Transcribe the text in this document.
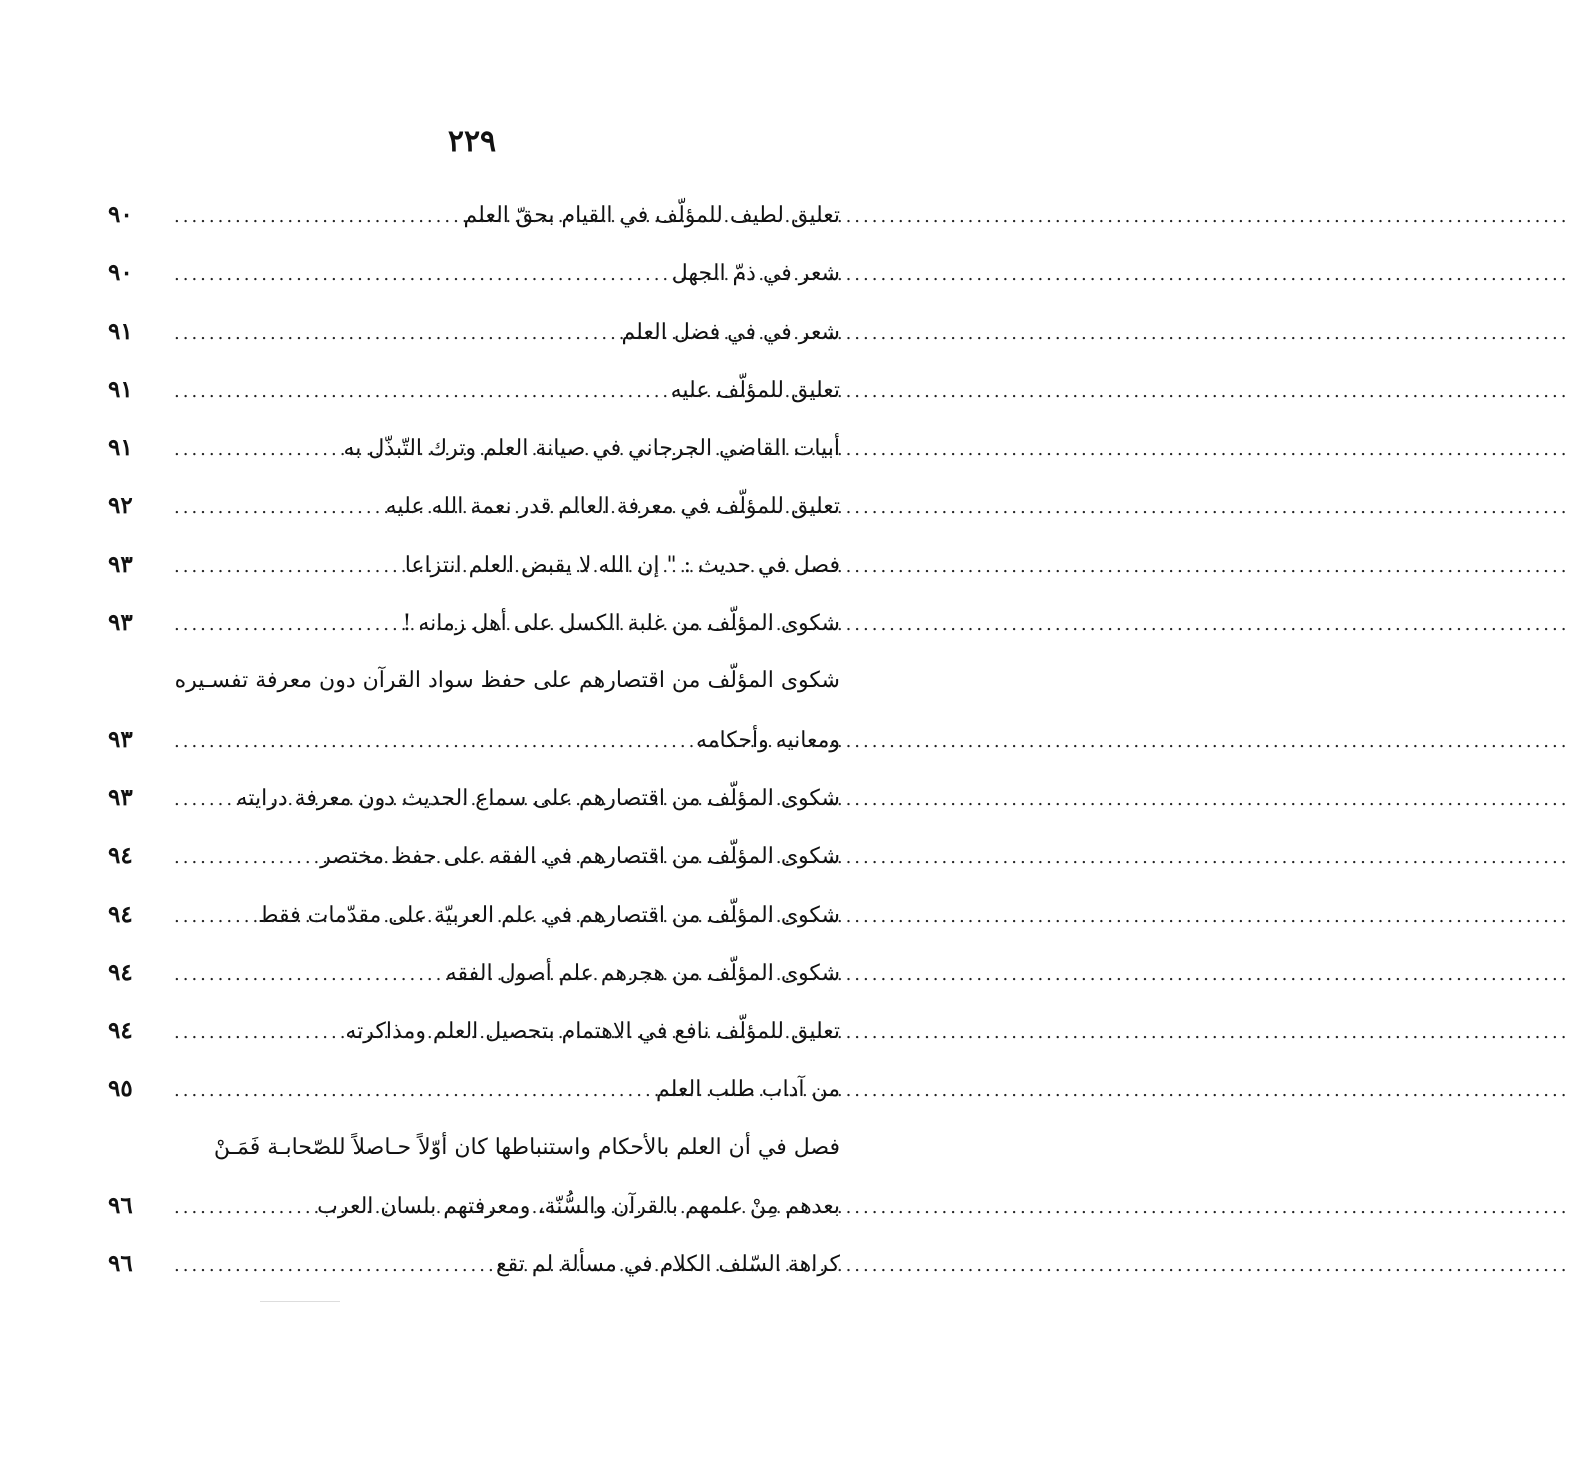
٢٢٩
تعليق لطيف للمؤلّف في القيام بحقّ العلم
.....
٩٠
شعر في ذمّ الجهل
.....
٩٠
شعر في في فضل العلم
.....
٩١
تعليق للمؤلّف عليه
.....
٩١
أبيات القاضي الجرجاني في صيانة العلم وترك التّبذّل به
.....
٩١
تعليق للمؤلّف في معرفة العالم قدر نعمة الله عليه
.....
٩٢
فصل في حديث : " إن الله لا يقبض العلم انتزاعا
.....
٩٣
شكوى المؤلّف من غلبة الكسل على أهل زمانه !
.....
٩٣
شكوى المؤلّف من اقتصارهم على حفظ سواد القرآن دون معرفة تفسـيره
ومعانيه وأحكامه
.....
٩٣
شكوى المؤلّف من اقتصارهم على سماع الحديث دون معرفة درايته
.....
٩٣
شكوى المؤلّف من اقتصارهم في الفقه على حفظ مختصر
.....
٩٤
شكوى المؤلّف من اقتصارهم في علم العربيّة على مقدّمات فقط
.....
٩٤
شكوى المؤلّف من هجرهم علم أصول الفقه
.....
٩٤
تعليق للمؤلّف نافع في الاهتمام بتحصيل العلم ومذاكرته
.....
٩٤
من آداب طلب العلم
.....
٩٥
فصل في أن العلم بالأحكام واستنباطها كان أوّلاً حـاصلاً للصّحابـة فَمَـنْ
بعدهم مِنْ علمهم بالقرآن والسُّنّة، ومعرفتهم بلسان العرب
.....
٩٦
كراهة السّلف الكلام في مسألة لم تقع
.....
٩٦
